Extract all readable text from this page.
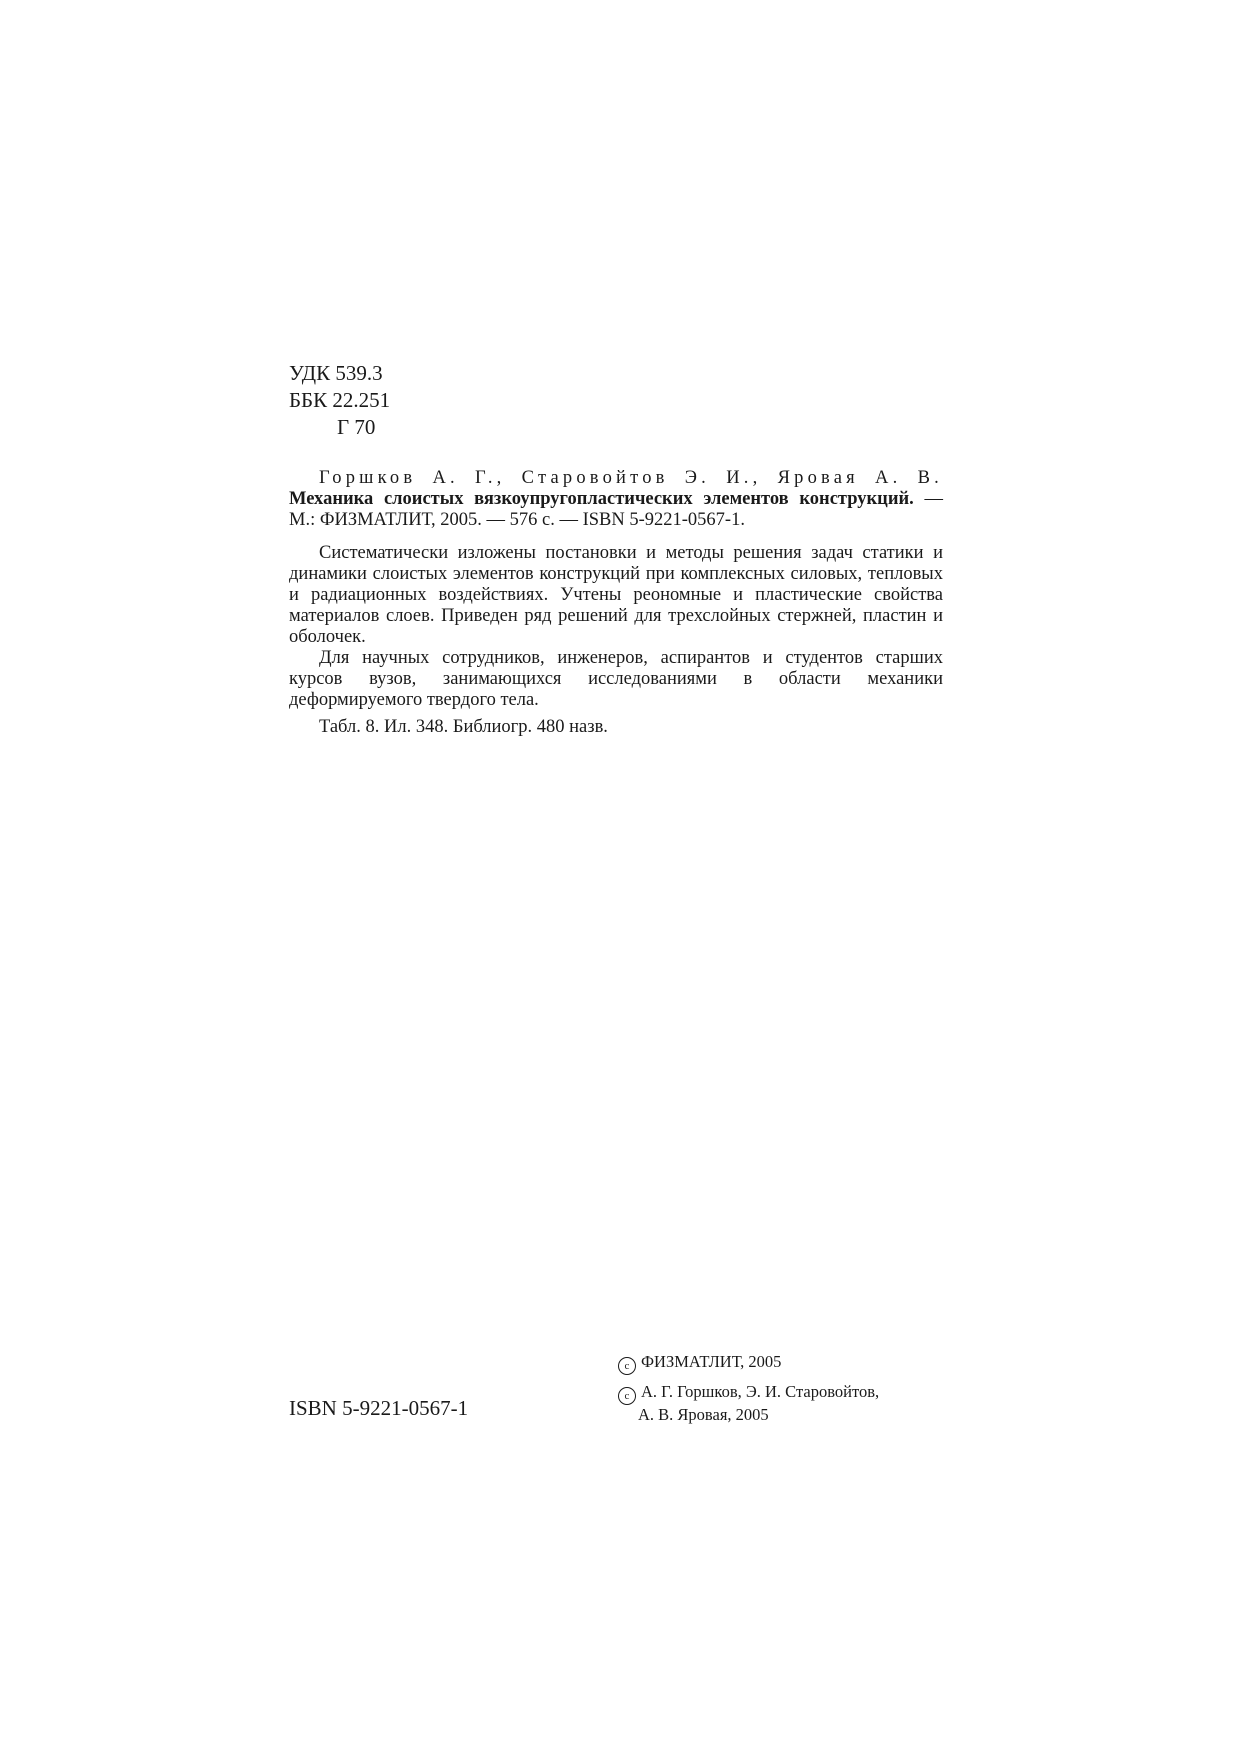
УДК 539.3
ББК 22.251
Г 70

Горшков А. Г., Старовойтов Э. И., Яровая А. В. Механика слоистых вязкоупругопластических элементов конструкций. — М.: ФИЗМАТЛИТ, 2005. — 576 с. — ISBN 5-9221-0567-1.

Систематически изложены постановки и методы решения задач статики и динамики слоистых элементов конструкций при комплексных силовых, тепловых и радиационных воздействиях. Учтены реономные и пластические свойства материалов слоев. Приведен ряд решений для трехслойных стержней, пластин и оболочек.

Для научных сотрудников, инженеров, аспирантов и студентов старших курсов вузов, занимающихся исследованиями в области механики деформируемого твердого тела.

Табл. 8. Ил. 348. Библиогр. 480 назв.

ISBN 5-9221-0567-1
c ФИЗМАТЛИТ, 2005
c А. Г. Горшков, Э. И. Старовойтов,
А. В. Яровая, 2005
